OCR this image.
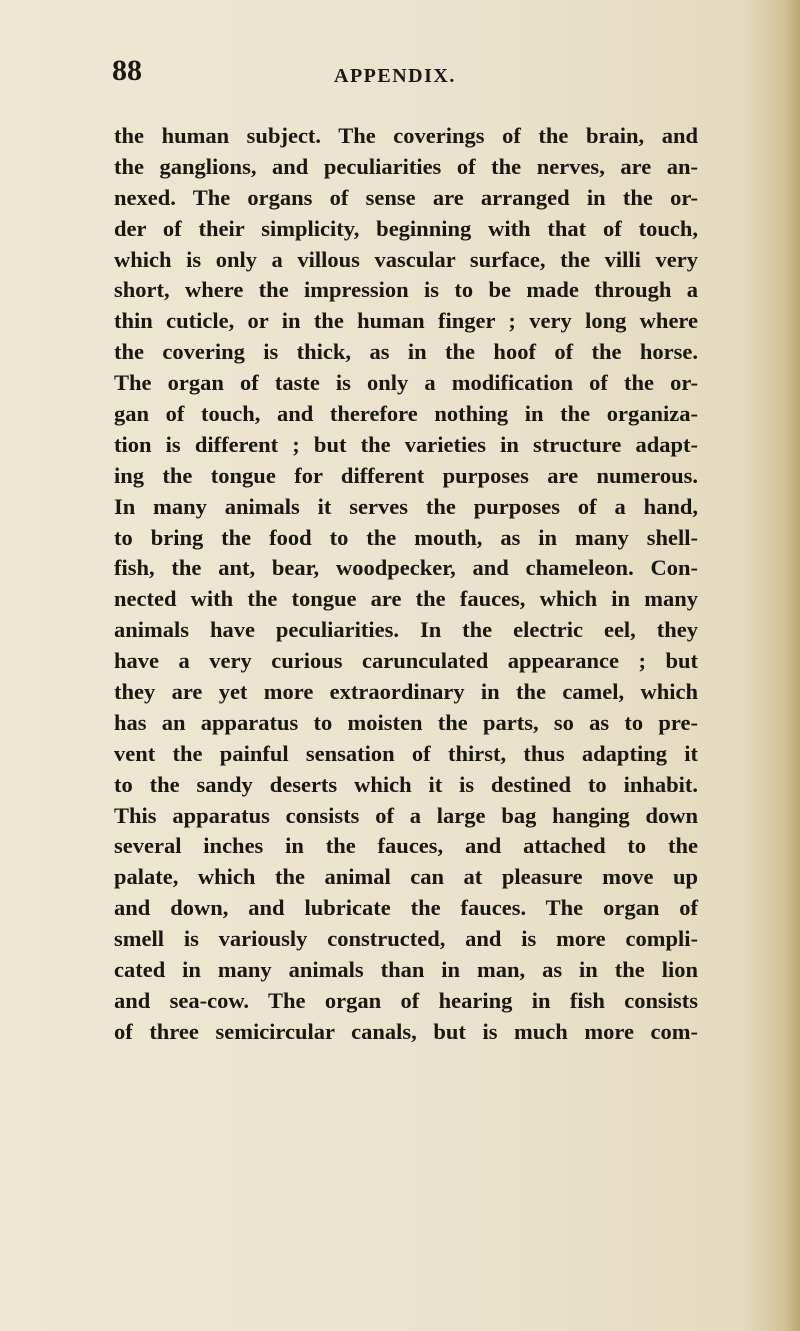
88	APPENDIX.
the human subject. The coverings of the brain, and
the ganglions, and peculiarities of the nerves, are an-
nexed. The organs of sense are arranged in the or-
der of their simplicity, beginning with that of touch,
which is only a villous vascular surface, the villi very
short, where the impression is to be made through a
thin cuticle, or in the human finger ; very long where
the covering is thick, as in the hoof of the horse.
The organ of taste is only a modification of the or-
gan of touch, and therefore nothing in the organiza-
tion is different ; but the varieties in structure adapt-
ing the tongue for different purposes are numerous.
In many animals it serves the purposes of a hand,
to bring the food to the mouth, as in many shell-
fish, the ant, bear, woodpecker, and chameleon. Con-
nected with the tongue are the fauces, which in many
animals have peculiarities. In the electric eel, they
have a very curious carunculated appearance ; but
they are yet more extraordinary in the camel, which
has an apparatus to moisten the parts, so as to pre-
vent the painful sensation of thirst, thus adapting it
to the sandy deserts which it is destined to inhabit.
This apparatus consists of a large bag hanging down
several inches in the fauces, and attached to the
palate, which the animal can at pleasure move up
and down, and lubricate the fauces. The organ of
smell is variously constructed, and is more compli-
cated in many animals than in man, as in the lion
and sea-cow. The organ of hearing in fish consists
of three semicircular canals, but is much more com-
